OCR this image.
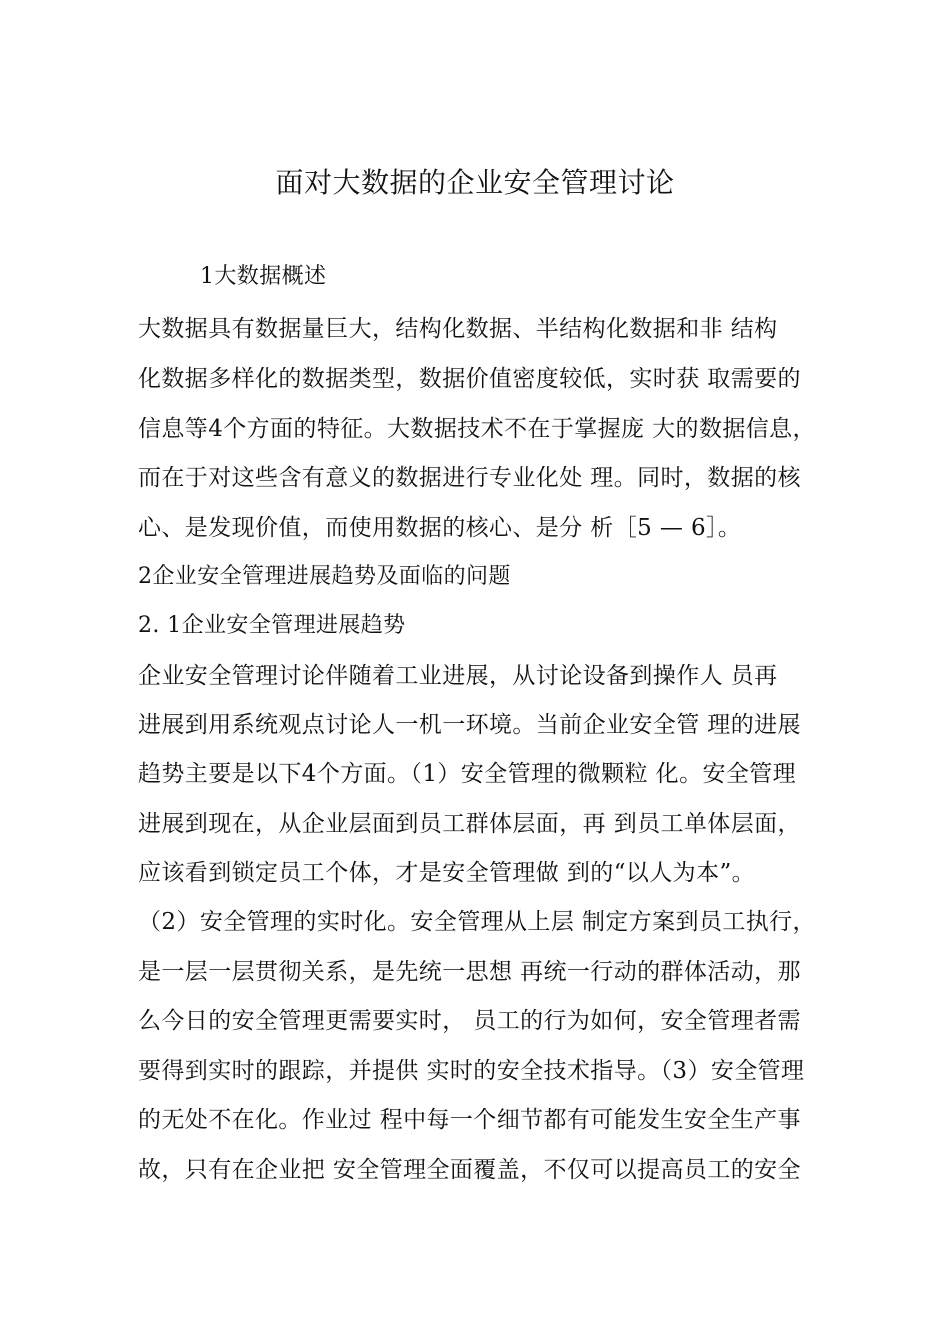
面对大数据的企业安全管理讨论
1大数据概述
大数据具有数据量巨大，结构化数据、半结构化数据和非 结构
化数据多样化的数据类型，数据价值密度较低，实时获 取需要的
信息等4个方面的特征。大数据技术不在于掌握庞 大的数据信息，
而在于对这些含有意义的数据进行专业化处 理。同时，数据的核
心、是发现价值，而使用数据的核心、是分 析［5 — 6］。
2企业安全管理进展趋势及面临的问题
2. 1企业安全管理进展趋势
企业安全管理讨论伴随着工业进展，从讨论设备到操作人 员再
进展到用系统观点讨论人一机一环境。当前企业安全管 理的进展
趋势主要是以下4个方面。（1）安全管理的微颗粒 化。安全管理
进展到现在，从企业层面到员工群体层面，再 到员工单体层面，
应该看到锁定员工个体，才是安全管理做 到的“以人为本”。
（2）安全管理的实时化。安全管理从上层 制定方案到员工执行，
是一层一层贯彻关系，是先统一思想 再统一行动的群体活动，那
么今日的安全管理更需要实时， 员工的行为如何，安全管理者需
要得到实时的跟踪，并提供 实时的安全技术指导。（3）安全管理
的无处不在化。作业过 程中每一个细节都有可能发生安全生产事
故，只有在企业把 安全管理全面覆盖，不仅可以提高员工的安全
